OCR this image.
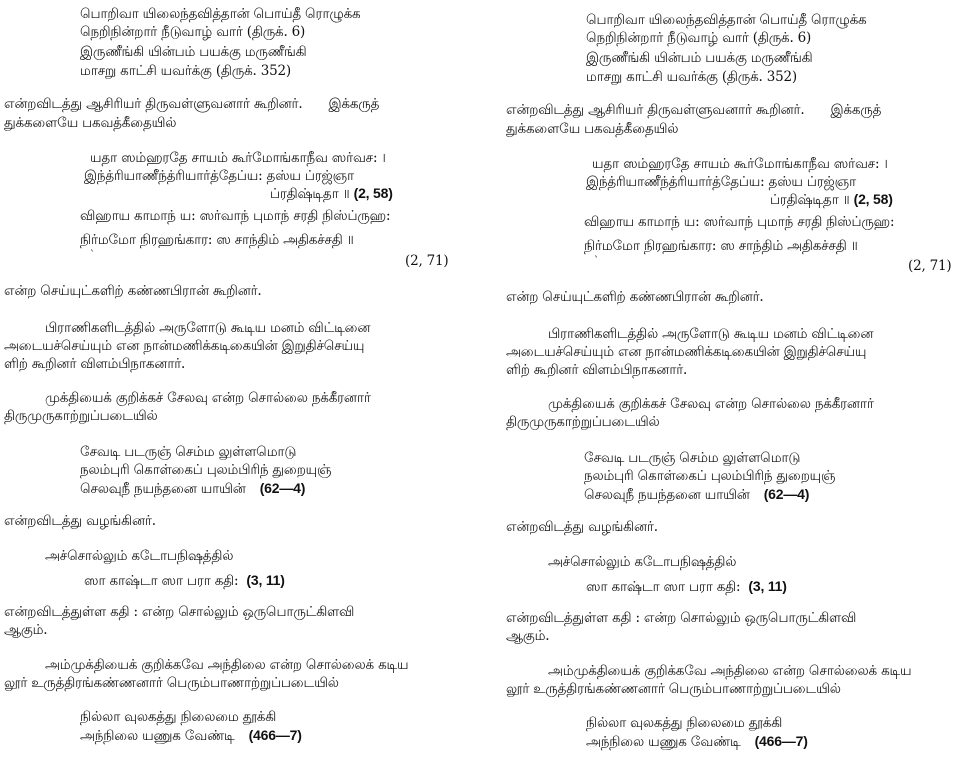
பொறிவா யிலைந்தவித்தான் பொய்தீ ரொழுக்க
நெறிநின்றார் நீடுவாழ் வார் (திருக். 6)
இருணீங்கி யின்பம் பயக்கு மருணீங்கி
மாசறு காட்சி யவர்க்கு (திருக். 352)
என்றவிடத்து ஆசிரியர் திருவள்ளுவனார் கூறினர். இக்கருத்
துக்களையே பகவத்கீதையில்
யதா ஸம்ஹரதே சாயம் கூர்மோங்காநீவ ஸர்வச: ।
இந்த்ரியாணீந்த்ரியார்த்தேப்ய: தஸ்ய ப்ரஜ்ஞா
ப்ரதிஷ்டிதா ॥ (2, 58)
விஹாய காமாந் ய: ஸர்வாந் புமாந் சரதி நிஸ்ப்ருஹ:
நிர்மமோ நிரஹங்கார: ஸ சாந்திம் அதிகச்சதி ॥
`	(2, 71)
என்ற செய்யுட்களிற் கண்ணபிரான் கூறினர்.
பிராணிகளிடத்தில் அருளோடு கூடிய மனம் விட்டினை
அடையச்செய்யும் என நான்மணிக்கடிகையின் இறுதிச்செய்யு
ளிற் கூறினர் விளம்பிநாகனார்.
முக்தியைக் குறிக்கச் சேலவு என்ற சொல்லை நக்கீரனார்
திருமுருகாற்றுப்படையில்
சேவடி படருஞ் செம்ம லுள்ளமொடு
நலம்புரி கொள்கைப் புலம்பிரிந் துறையுஞ்
செலவுநீ நயந்தனை யாயின் (62—4)
என்றவிடத்து வழங்கினர்.
அச்சொல்லும் கடோபநிஷத்தில்
ஸா காஷ்டா ஸா பரா கதி: (3, 11)
என்றவிடத்துள்ள கதி : என்ற சொல்லும் ஒருபொருட்கிளவி
ஆகும்.
அம்முக்தியைக் குறிக்கவே அந்திலை என்ற சொல்லைக் கடிய
லூர் உருத்திரங்கண்ணனார் பெரும்பாணாற்றுப்படையில்
நில்லா வுலகத்து நிலைமை தூக்கி
அந்நிலை யணுக வேண்டி (466—7)
பொறிவா யிலைந்தவித்தான் பொய்தீ ரொழுக்க
நெறிநின்றார் நீடுவாழ் வார் (திருக். 6)
இருணீங்கி யின்பம் பயக்கு மருணீங்கி
மாசறு காட்சி யவர்க்கு (திருக். 352)
என்றவிடத்து ஆசிரியர் திருவள்ளுவனார் கூறினர். இக்கருத்
துக்களையே பகவத்கீதையில்
யதா ஸம்ஹரதே சாயம் கூர்மோங்காநீவ ஸர்வச: ।
இந்த்ரியாணீந்த்ரியார்த்தேப்ய: தஸ்ய ப்ரஜ்ஞா
ப்ரதிஷ்டிதா ॥ (2, 58)
விஹாய காமாந் ய: ஸர்வாந் புமாந் சரதி நிஸ்ப்ருஹ:
நிர்மமோ நிரஹங்கார: ஸ சாந்திம் அதிகச்சதி ॥
`	(2, 71)
என்ற செய்யுட்களிற் கண்ணபிரான் கூறினர்.
பிராணிகளிடத்தில் அருளோடு கூடிய மனம் விட்டினை
அடையச்செய்யும் என நான்மணிக்கடிகையின் இறுதிச்செய்யு
ளிற் கூறினர் விளம்பிநாகனார்.
முக்தியைக் குறிக்கச் சேலவு என்ற சொல்லை நக்கீரனார்
திருமுருகாற்றுப்படையில்
சேவடி படருஞ் செம்ம லுள்ளமொடு
நலம்புரி கொள்கைப் புலம்பிரிந் துறையுஞ்
செலவுநீ நயந்தனை யாயின் (62—4)
என்றவிடத்து வழங்கினர்.
அச்சொல்லும் கடோபநிஷத்தில்
ஸா காஷ்டா ஸா பரா கதி: (3, 11)
என்றவிடத்துள்ள கதி : என்ற சொல்லும் ஒருபொருட்கிளவி
ஆகும்.
அம்முக்தியைக் குறிக்கவே அந்திலை என்ற சொல்லைக் கடிய
லூர் உருத்திரங்கண்ணனார் பெரும்பாணாற்றுப்படையில்
நில்லா வுலகத்து நிலைமை தூக்கி
அந்நிலை யணுக வேண்டி (466—7)
